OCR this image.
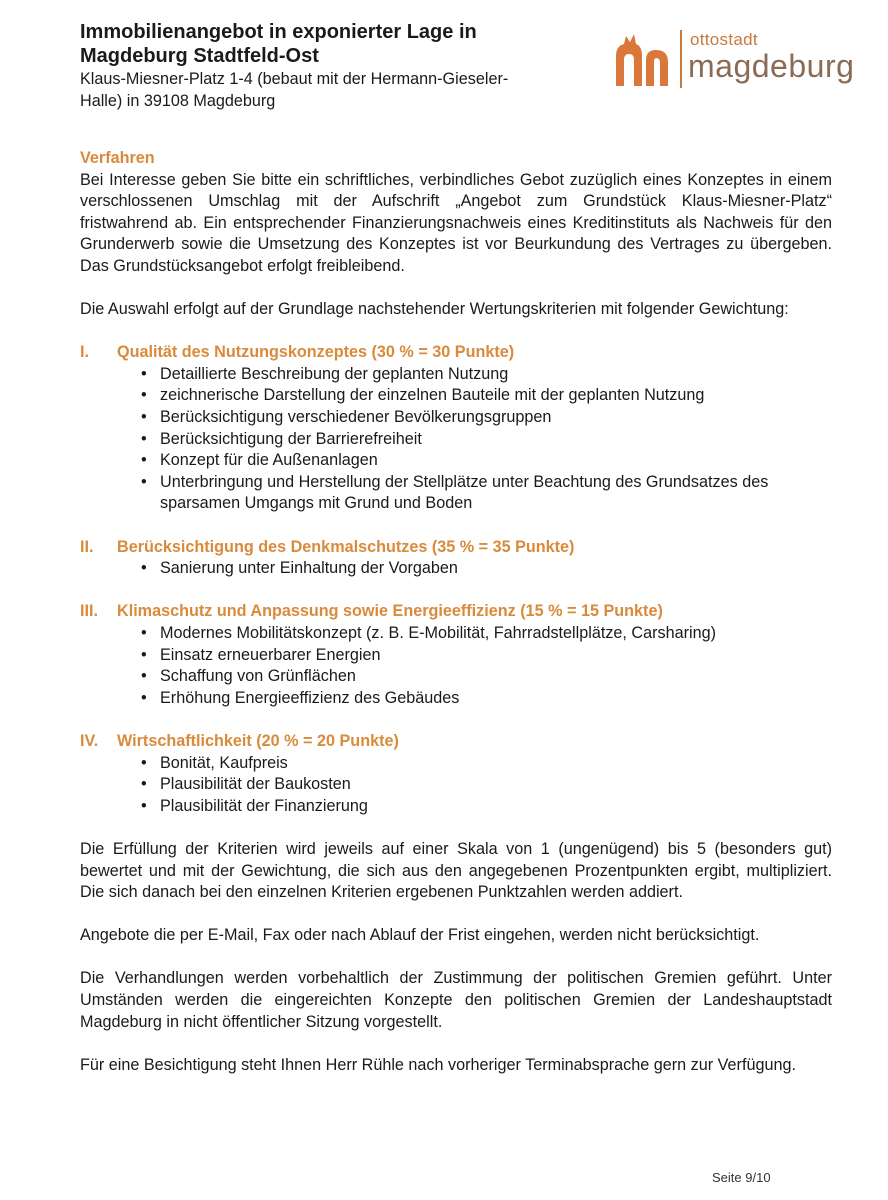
ottostadt
magdeburg
Immobilienangebot in exponierter Lage in Magdeburg Stadtfeld-Ost

Klaus-Miesner-Platz 1-4 (bebaut mit der Hermann-Gieseler-Halle) in 39108 Magdeburg

Verfahren

Bei Interesse geben Sie bitte ein schriftliches, verbindliches Gebot zuzüglich eines Konzeptes in einem verschlossenen Umschlag mit der Aufschrift „Angebot zum Grundstück Klaus-Miesner-Platz“ fristwahrend ab. Ein entsprechender Finanzierungsnachweis eines Kreditinstituts als Nachweis für den Grunderwerb sowie die Umsetzung des Konzeptes ist vor Beurkundung des Vertrages zu übergeben. Das Grundstücksangebot erfolgt freibleibend.

Die Auswahl erfolgt auf der Grundlage nachstehender Wertungskriterien mit folgender Gewichtung:

I.	Qualität des Nutzungskonzeptes (30 % = 30 Punkte)
• Detaillierte Beschreibung der geplanten Nutzung
• zeichnerische Darstellung der einzelnen Bauteile mit der geplanten Nutzung
• Berücksichtigung verschiedener Bevölkerungsgruppen
• Berücksichtigung der Barrierefreiheit
• Konzept für die Außenanlagen
• Unterbringung und Herstellung der Stellplätze unter Beachtung des Grundsatzes des sparsamen Umgangs mit Grund und Boden
II.	Berücksichtigung des Denkmalschutzes (35 % = 35 Punkte)
• Sanierung unter Einhaltung der Vorgaben
III.	Klimaschutz und Anpassung sowie Energieeffizienz (15 % = 15 Punkte)
• Modernes Mobilitätskonzept (z. B. E-Mobilität, Fahrradstellplätze, Carsharing)
• Einsatz erneuerbarer Energien
• Schaffung von Grünflächen
• Erhöhung Energieeffizienz des Gebäudes
IV.	Wirtschaftlichkeit (20 % = 20 Punkte)
• Bonität, Kaufpreis
• Plausibilität der Baukosten
• Plausibilität der Finanzierung

Die Erfüllung der Kriterien wird jeweils auf einer Skala von 1 (ungenügend) bis 5 (besonders gut) bewertet und mit der Gewichtung, die sich aus den angegebenen Prozentpunkten ergibt, multipliziert. Die sich danach bei den einzelnen Kriterien ergebenen Punktzahlen werden addiert.

Angebote die per E-Mail, Fax oder nach Ablauf der Frist eingehen, werden nicht berücksichtigt.

Die Verhandlungen werden vorbehaltlich der Zustimmung der politischen Gremien geführt. Unter Umständen werden die eingereichten Konzepte den politischen Gremien der Landeshauptstadt Magdeburg in nicht öffentlicher Sitzung vorgestellt.

Für eine Besichtigung steht Ihnen Herr Rühle nach vorheriger Terminabsprache gern zur Verfügung.

Seite 9/10
